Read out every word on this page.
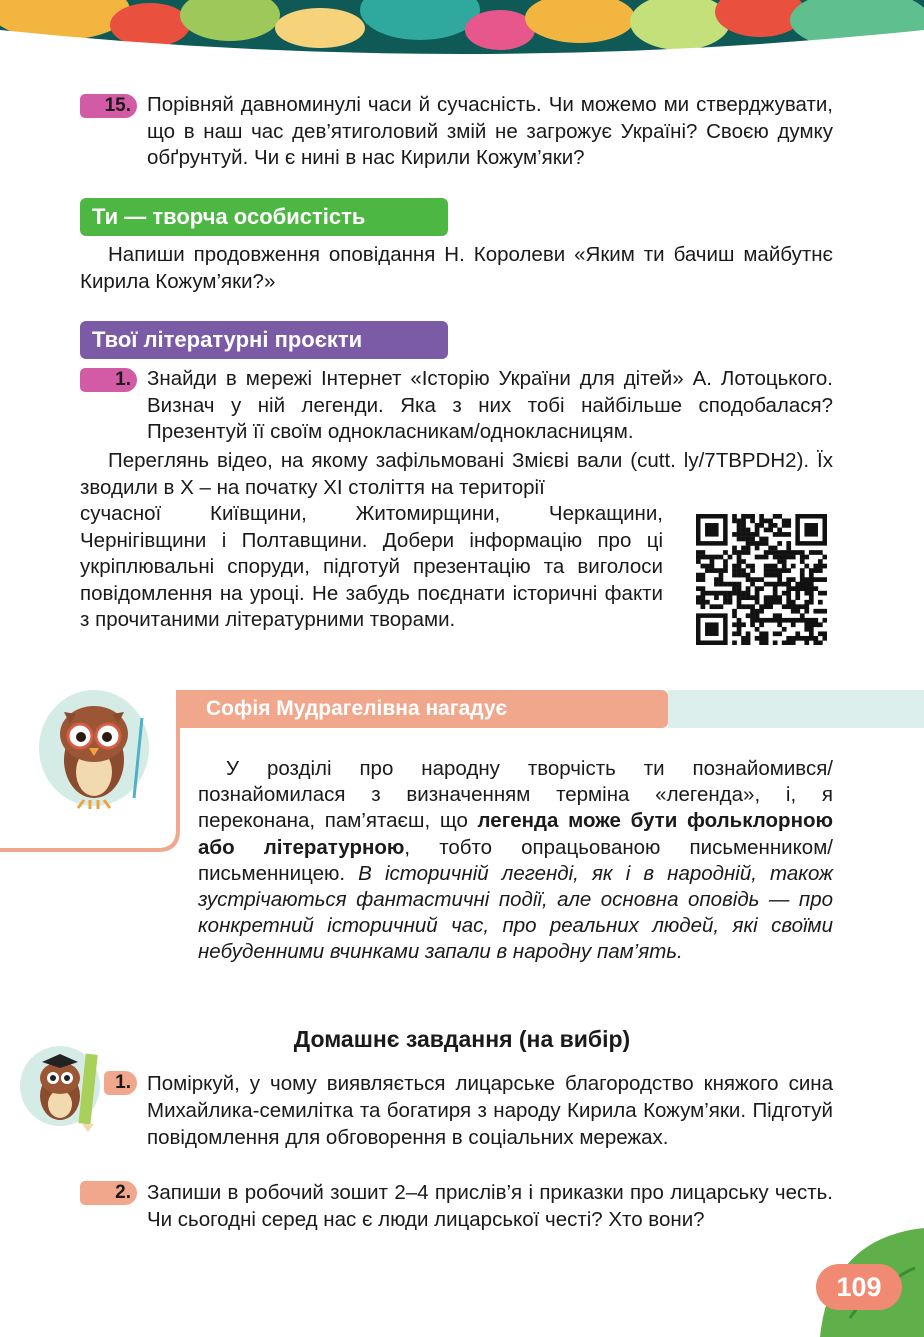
15. Порівняй давноминулі часи й сучасність. Чи можемо ми стверджувати, що в наш час дев’ятиголовий змій не загрожує Україні? Своєю думку обґрунтуй. Чи є нині в нас Кирили Кожум’яки?

Ти — творча особистість

Напиши продовження оповідання Н. Королеви «Яким ти бачиш майбутнє Кирила Кожум’яки?»

Твої літературні проєкти
1. Знайди в мережі Інтернет «Історію України для дітей» А. Лотоцького. Визнач у ній легенди. Яка з них тобі найбільше сподобалася? Презентуй її своїм однокласникам/однокласницям.

Переглянь відео, на якому зафільмовані Змієві вали (cutt. ly/7TBPDH2). Їх зводили в X – на початку XI століття на території

сучасної Київщини, Житомирщини, Черкащини, Чернігівщини і Полтавщини. Добери інформацію про ці укріплювальні споруди, підготуй презентацію та виголоси повідомлення на уроці. Не забудь поєднати історичні факти з прочитаними літературними творами.

Софія Мудрагелівна нагадує

У розділі про народну творчість ти познайомився/познайомилася з визначенням терміна «легенда», і, я переконана, пам’ятаєш, що легенда може бути фольклорною або літературною, тобто опрацьованою письменником/письменницею. В історичній легенді, як і в народній, також зустрічаються фантастичні події, але основна оповідь — про конкретний історичний час, про реальних людей, які своїми небуденними вчинками запали в народну пам’ять.

Домашнє завдання (на вибір)
1. Поміркуй, у чому виявляється лицарське благородство княжого сина Михайлика-семилітка та богатиря з народу Кирила Кожум’яки. Підготуй повідомлення для обговорення в соціальних мережах.

2. Запиши в робочий зошит 2–4 прислів’я і приказки про лицарську честь. Чи сьогодні серед нас є люди лицарської честі? Хто вони?

109
